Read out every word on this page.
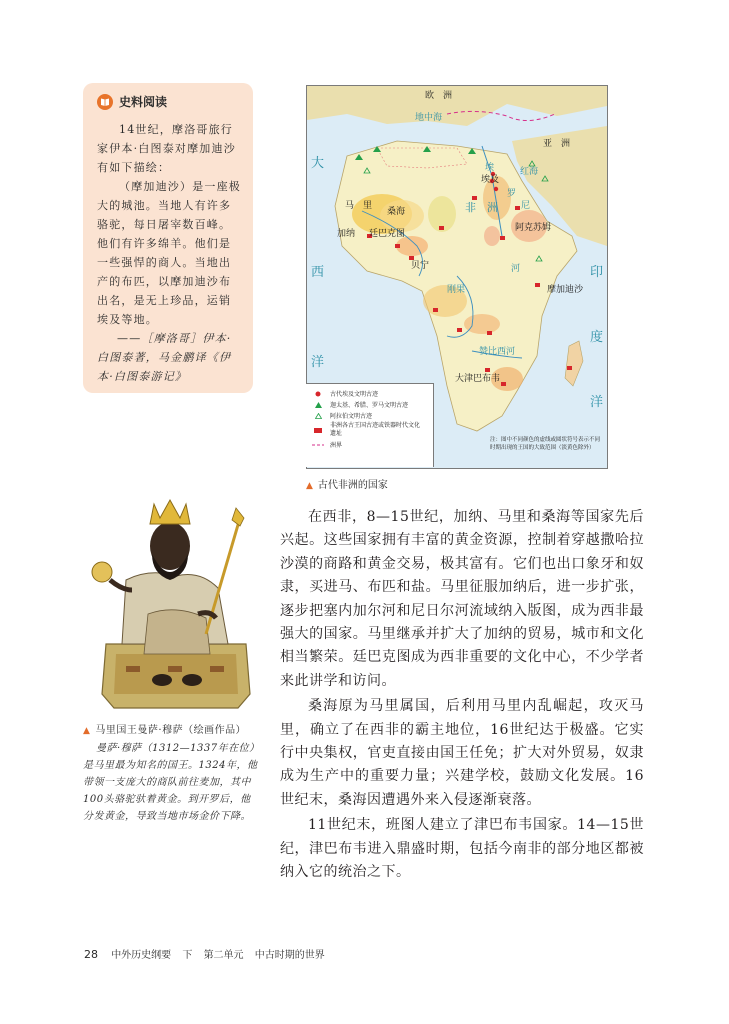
史料阅读

14世纪，摩洛哥旅行家伊本·白图泰对摩加迪沙有如下描绘：

（摩加迪沙）是一座极大的城池。当地人有许多骆驼，每日屠宰数百峰。他们有许多绵羊。他们是一些强悍的商人。当地出产的布匹，以摩加迪沙布出名，是无上珍品，运销埃及等地。

——［摩洛哥］伊本·白图泰著，马金鹏译《伊本·白图泰游记》

欧　洲
亚　洲
地中海
红海
大
西
洋
印
度
洋
非　洲
马　里
桑海
加纳 廷巴克图
贝宁
埃及
阿克苏姆
摩加迪沙
大津巴布韦
尼
刚果
赞比西河
河
罗
埃
古代埃及文明古迹
迦太基、希腊、罗马文明古迹
阿拉伯文明古迹
非洲各古王国古迹或铁器时代文化遗址
洲界
注：图中不同颜色的虚线或圆状符号表示不同时期出现的王国的大致范围（淡黄色除外）
▲ 古代非洲的国家
▲ 马里国王曼萨·穆萨（绘画作品）
曼萨·穆萨（1312—1337年在位）是马里最为知名的国王。1324年，他带领一支庞大的商队前往麦加，其中100头骆驼驮着黄金。到开罗后，他分发黄金，导致当地市场金价下降。

在西非，8—15世纪，加纳、马里和桑海等国家先后兴起。这些国家拥有丰富的黄金资源，控制着穿越撒哈拉沙漠的商路和黄金交易，极其富有。它们也出口象牙和奴隶，买进马、布匹和盐。马里征服加纳后，进一步扩张，逐步把塞内加尔河和尼日尔河流域纳入版图，成为西非最强大的国家。马里继承并扩大了加纳的贸易，城市和文化相当繁荣。廷巴克图成为西非重要的文化中心，不少学者来此讲学和访问。

桑海原为马里属国，后利用马里内乱崛起，攻灭马里，确立了在西非的霸主地位，16世纪达于极盛。它实行中央集权，官吏直接由国王任免；扩大对外贸易，奴隶成为生产中的重要力量；兴建学校，鼓励文化发展。16世纪末，桑海因遭遇外来入侵逐渐衰落。

11世纪末，班图人建立了津巴布韦国家。14—15世纪，津巴布韦进入鼎盛时期，包括今南非的部分地区都被纳入它的统治之下。

28 中外历史纲要 下 第二单元 中古时期的世界
